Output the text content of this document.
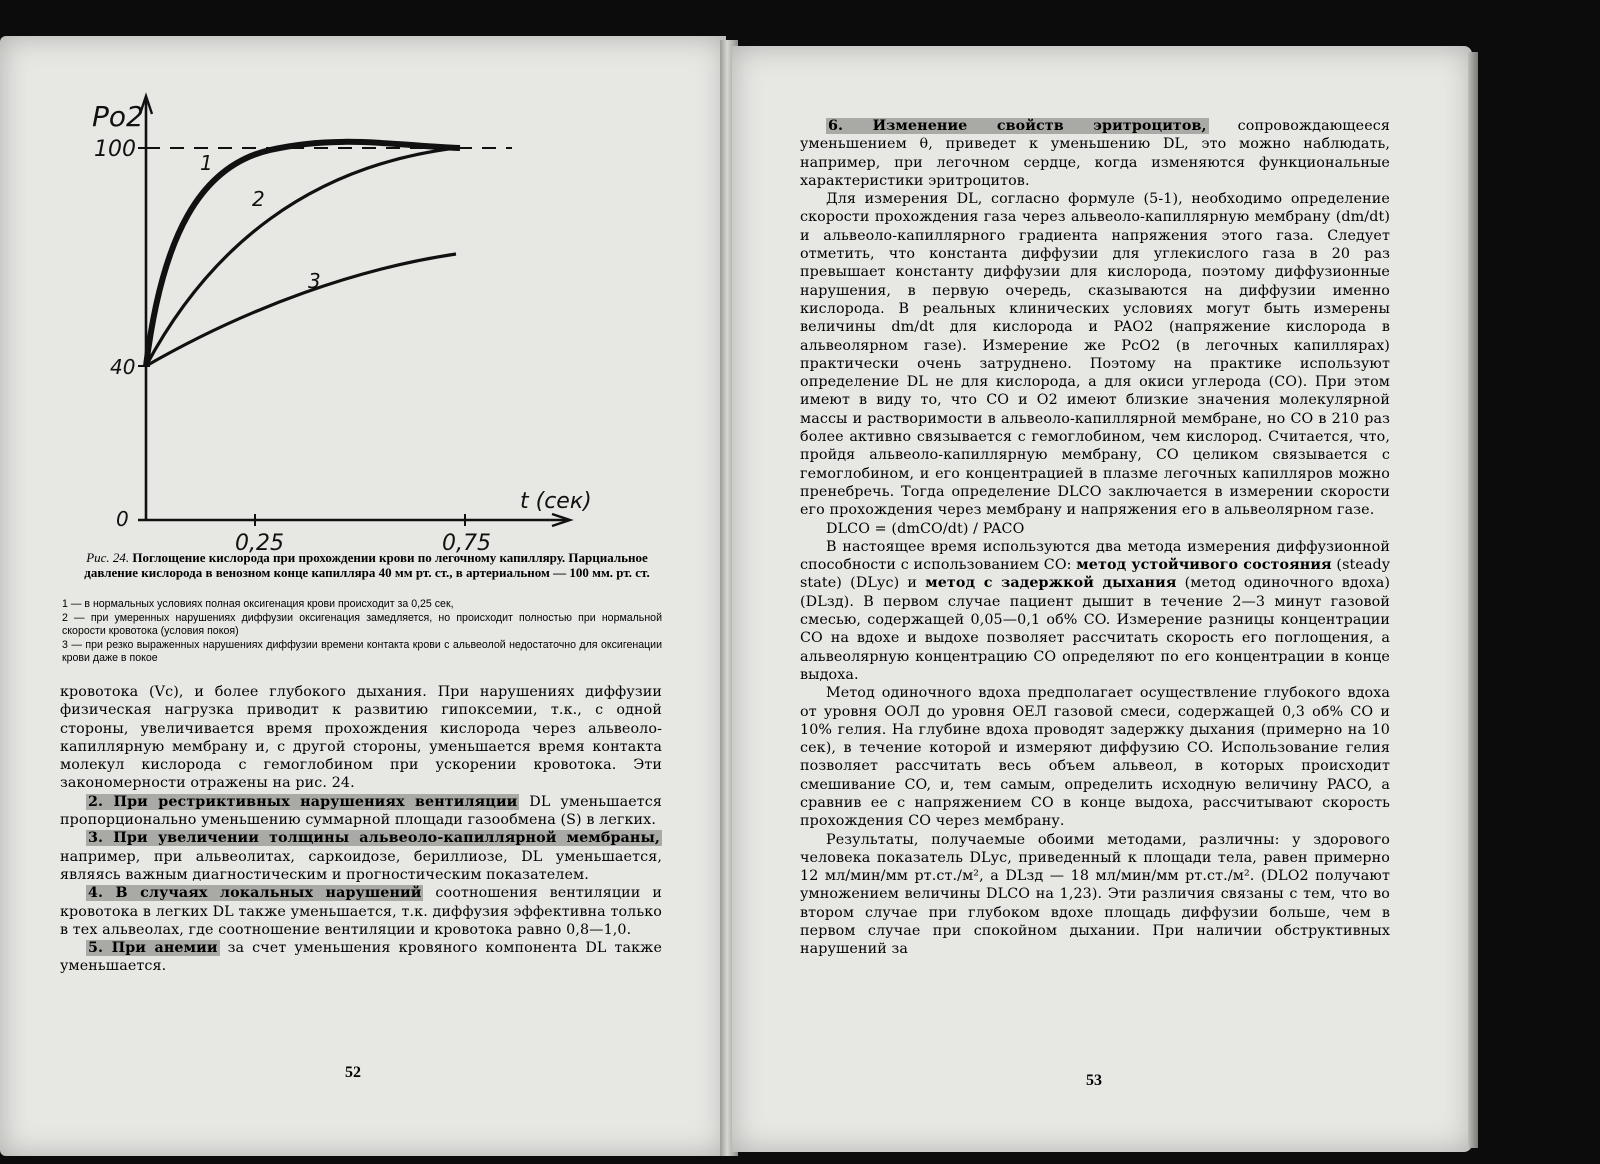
Po2
100
40
0
0,25	0,75
t (сек)
1
2
3
Рис. 24. Поглощение кислорода при прохождении крови по легочному капилляру. Парциальное давление кислорода в венозном конце капилляра 40 мм рт. ст., в артериальном — 100 мм. рт. ст.
1 — в нормальных условиях полная оксигенация крови происходит за 0,25 сек,
2 — при умеренных нарушениях диффузии оксигенация замедляется, но происходит полностью при нормальной скорости кровотока (условия покоя)
3 — при резко выраженных нарушениях диффузии времени контакта крови с альвеолой недостаточно для оксигенации крови даже в покое

кровотока (Vc), и более глубокого дыхания. При нарушениях диффузии физическая нагрузка приводит к развитию гипоксемии, т.к., с одной стороны, увеличивается время прохождения кислорода через альвеоло-капиллярную мембрану и, с другой стороны, уменьшается время контакта молекул кислорода с гемоглобином при ускорении кровотока. Эти закономерности отражены на рис. 24.

2. При рестриктивных нарушениях вентиляции DL уменьшается пропорционально уменьшению суммарной площади газообмена (S) в легких.

3. При увеличении толщины альвеоло-капиллярной мембраны, например, при альвеолитах, саркоидозе, бериллиозе, DL уменьшается, являясь важным диагностическим и прогностическим показателем.

4. В случаях локальных нарушений соотношения вентиляции и кровотока в легких DL также уменьшается, т.к. диффузия эффективна только в тех альвеолах, где соотношение вентиляции и кровотока равно 0,8—1,0.

5. При анемии за счет уменьшения кровяного компонента DL также уменьшается.

52

6. Изменение свойств эритроцитов, сопровождающееся уменьшением θ, приведет к уменьшению DL, это можно наблюдать, например, при легочном сердце, когда изменяются функциональные характеристики эритроцитов.

Для измерения DL, согласно формуле (5-1), необходимо определение скорости прохождения газа через альвеоло-капиллярную мембрану (dm/dt) и альвеоло-капиллярного градиента напряжения этого газа. Следует отметить, что константа диффузии для углекислого газа в 20 раз превышает константу диффузии для кислорода, поэтому диффузионные нарушения, в первую очередь, сказываются на диффузии именно кислорода. В реальных клинических условиях могут быть измерены величины dm/dt для кислорода и PAO2 (напряжение кислорода в альвеолярном газе). Измерение же PcO2 (в легочных капиллярах) практически очень затруднено. Поэтому на практике используют определение DL не для кислорода, а для окиси углерода (CO). При этом имеют в виду то, что CO и O2 имеют близкие значения молекулярной массы и растворимости в альвеоло-капиллярной мембране, но CO в 210 раз более активно связывается с гемоглобином, чем кислород. Считается, что, пройдя альвеоло-капиллярную мембрану, CO целиком связывается с гемоглобином, и его концентрацией в плазме легочных капилляров можно пренебречь. Тогда определение DLCO заключается в измерении скорости его прохождения через мембрану и напряжения его в альвеолярном газе.

DLCO = (dmCO/dt) / PACO

В настоящее время используются два метода измерения диффузионной способности с использованием CO: метод устойчивого состояния (steady state) (DLус) и метод с задержкой дыхания (метод одиночного вдоха) (DLзд). В первом случае пациент дышит в течение 2—3 минут газовой смесью, содержащей 0,05—0,1 об% CO. Измерение разницы концентрации CO на вдохе и выдохе позволяет рассчитать скорость его поглощения, а альвеолярную концентрацию CO определяют по его концентрации в конце выдоха.

Метод одиночного вдоха предполагает осуществление глубокого вдоха от уровня ООЛ до уровня ОЕЛ газовой смеси, содержащей 0,3 об% CO и 10% гелия. На глубине вдоха проводят задержку дыхания (примерно на 10 сек), в течение которой и измеряют диффузию CO. Использование гелия позволяет рассчитать весь объем альвеол, в которых происходит смешивание CO, и, тем самым, определить исходную величину PACO, а сравнив ее с напряжением CO в конце выдоха, рассчитывают скорость прохождения CO через мембрану.

Результаты, получаемые обоими методами, различны: у здорового человека показатель DLус, приведенный к площади тела, равен примерно 12 мл/мин/мм рт.ст./м², а DLзд — 18 мл/мин/мм рт.ст./м². (DLO2 получают умножением величины DLCO на 1,23). Эти различия связаны с тем, что во втором случае при глубоком вдохе площадь диффузии больше, чем в первом случае при спокойном дыхании. При наличии обструктивных нарушений за

53
